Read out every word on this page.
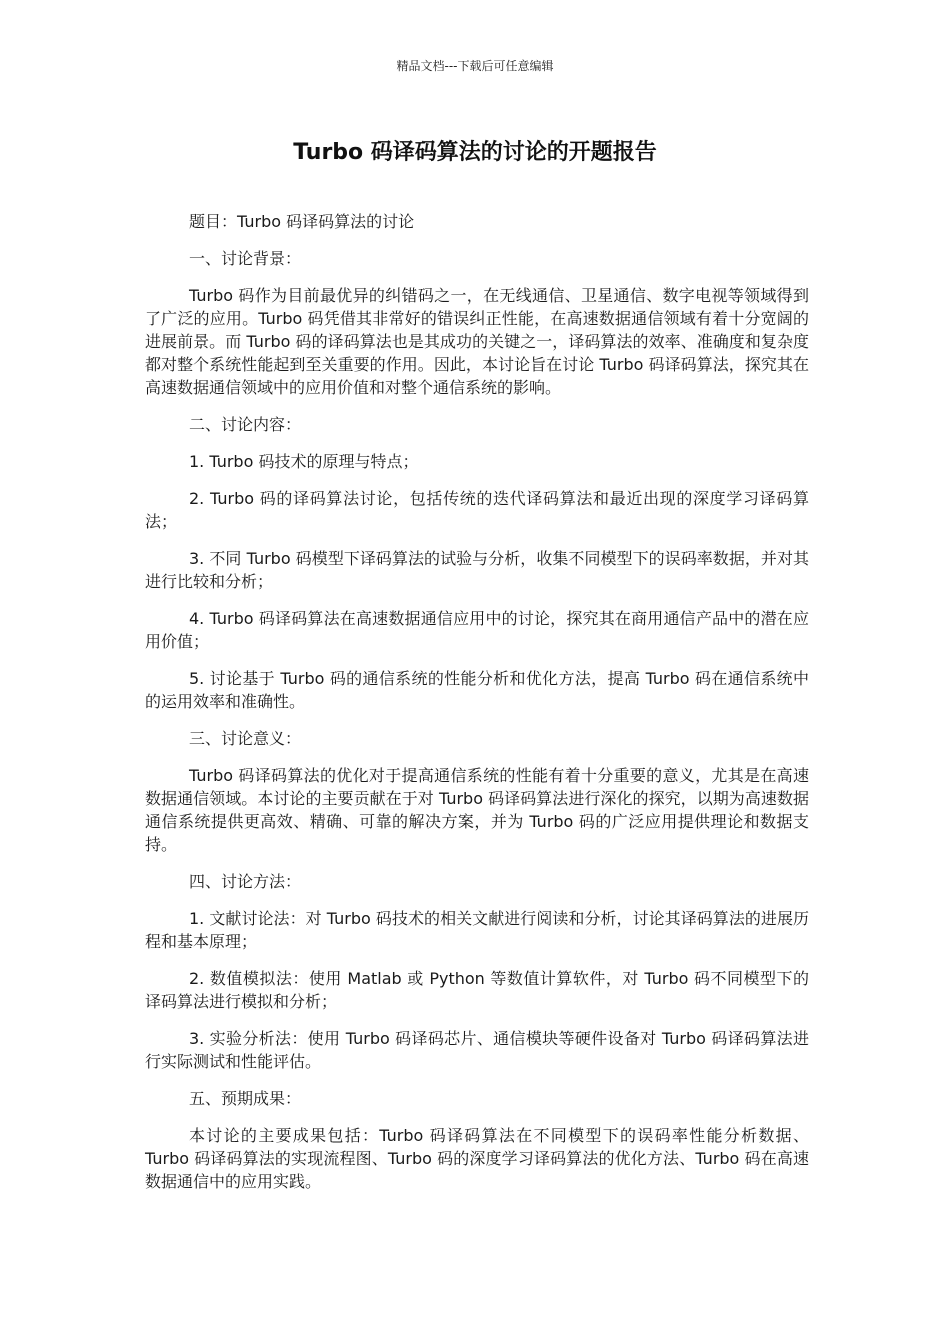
精品文档---下载后可任意编辑
Turbo 码译码算法的讨论的开题报告

题目：Turbo 码译码算法的讨论

一、讨论背景：

Turbo 码作为目前最优异的纠错码之一，在无线通信、卫星通信、数字电视等领域得到了广泛的应用。Turbo 码凭借其非常好的错误纠正性能，在高速数据通信领域有着十分宽阔的进展前景。而 Turbo 码的译码算法也是其成功的关键之一，译码算法的效率、准确度和复杂度都对整个系统性能起到至关重要的作用。因此，本讨论旨在讨论 Turbo 码译码算法，探究其在高速数据通信领域中的应用价值和对整个通信系统的影响。

二、讨论内容：

1. Turbo 码技术的原理与特点；

2. Turbo 码的译码算法讨论，包括传统的迭代译码算法和最近出现的深度学习译码算法；

3. 不同 Turbo 码模型下译码算法的试验与分析，收集不同模型下的误码率数据，并对其进行比较和分析；

4. Turbo 码译码算法在高速数据通信应用中的讨论，探究其在商用通信产品中的潜在应用价值；

5. 讨论基于 Turbo 码的通信系统的性能分析和优化方法，提高 Turbo 码在通信系统中的运用效率和准确性。

三、讨论意义：

Turbo 码译码算法的优化对于提高通信系统的性能有着十分重要的意义，尤其是在高速数据通信领域。本讨论的主要贡献在于对 Turbo 码译码算法进行深化的探究，以期为高速数据通信系统提供更高效、精确、可靠的解决方案，并为 Turbo 码的广泛应用提供理论和数据支持。

四、讨论方法：

1. 文献讨论法：对 Turbo 码技术的相关文献进行阅读和分析，讨论其译码算法的进展历程和基本原理；

2. 数值模拟法：使用 Matlab 或 Python 等数值计算软件，对 Turbo 码不同模型下的译码算法进行模拟和分析；

3. 实验分析法：使用 Turbo 码译码芯片、通信模块等硬件设备对 Turbo 码译码算法进行实际测试和性能评估。

五、预期成果：

本讨论的主要成果包括：Turbo 码译码算法在不同模型下的误码率性能分析数据、Turbo 码译码算法的实现流程图、Turbo 码的深度学习译码算法的优化方法、Turbo 码在高速数据通信中的应用实践。
